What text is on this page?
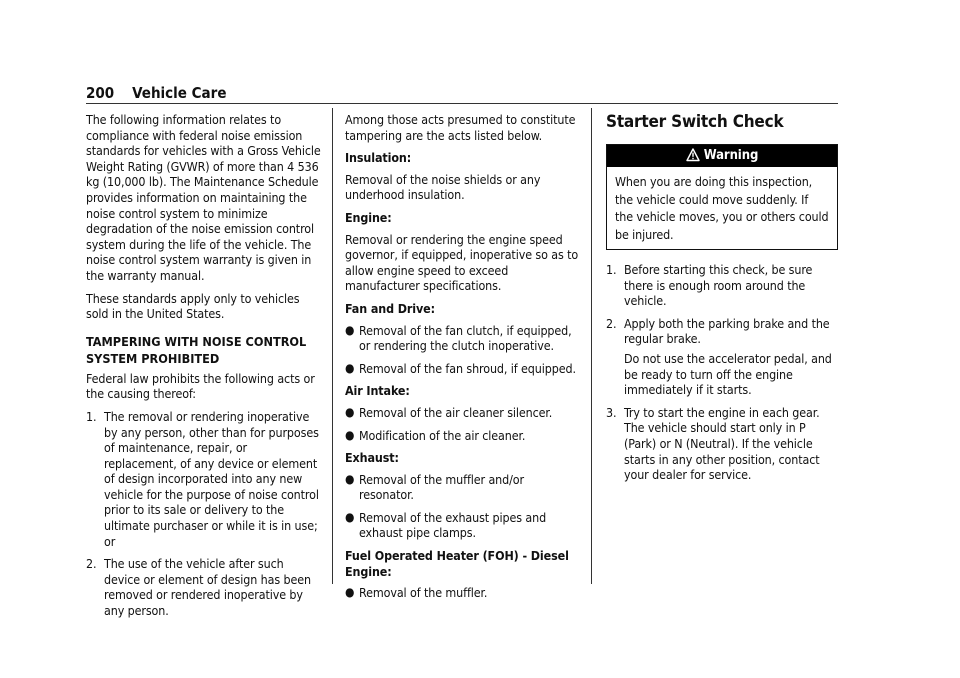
200 Vehicle Care

The following information relates to compliance with federal noise emission standards for vehicles with a Gross Vehicle Weight Rating (GVWR) of more than 4 536 kg (10,000 lb). The Maintenance Schedule provides information on maintaining the noise control system to minimize degradation of the noise emission control system during the life of the vehicle. The noise control system warranty is given in the warranty manual.

These standards apply only to vehicles sold in the United States.

TAMPERING WITH NOISE CONTROL SYSTEM PROHIBITED

Federal law prohibits the following acts or the causing thereof:

1. The removal or rendering inoperative by any person, other than for purposes of maintenance, repair, or replacement, of any device or element of design incorporated into any new vehicle for the purpose of noise control prior to its sale or delivery to the ultimate purchaser or while it is in use; or
2. The use of the vehicle after such device or element of design has been removed or rendered inoperative by any person.

Among those acts presumed to constitute tampering are the acts listed below.

Insulation:

Removal of the noise shields or any underhood insulation.

Engine:

Removal or rendering the engine speed governor, if equipped, inoperative so as to allow engine speed to exceed manufacturer specifications.

Fan and Drive:

● Removal of the fan clutch, if equipped, or rendering the clutch inoperative.
● Removal of the fan shroud, if equipped.

Air Intake:

● Removal of the air cleaner silencer.
● Modification of the air cleaner.

Exhaust:

● Removal of the muffler and/or resonator.
● Removal of the exhaust pipes and exhaust pipe clamps.

Fuel Operated Heater (FOH) - Diesel Engine:

● Removal of the muffler.
Starter Switch Check
Warning
When you are doing this inspection, the vehicle could move suddenly. If the vehicle moves, you or others could be injured.
1. Before starting this check, be sure there is enough room around the vehicle.
2. Apply both the parking brake and the regular brake.

Do not use the accelerator pedal, and be ready to turn off the engine immediately if it starts.

3. Try to start the engine in each gear. The vehicle should start only in P (Park) or N (Neutral). If the vehicle starts in any other position, contact your dealer for service.
